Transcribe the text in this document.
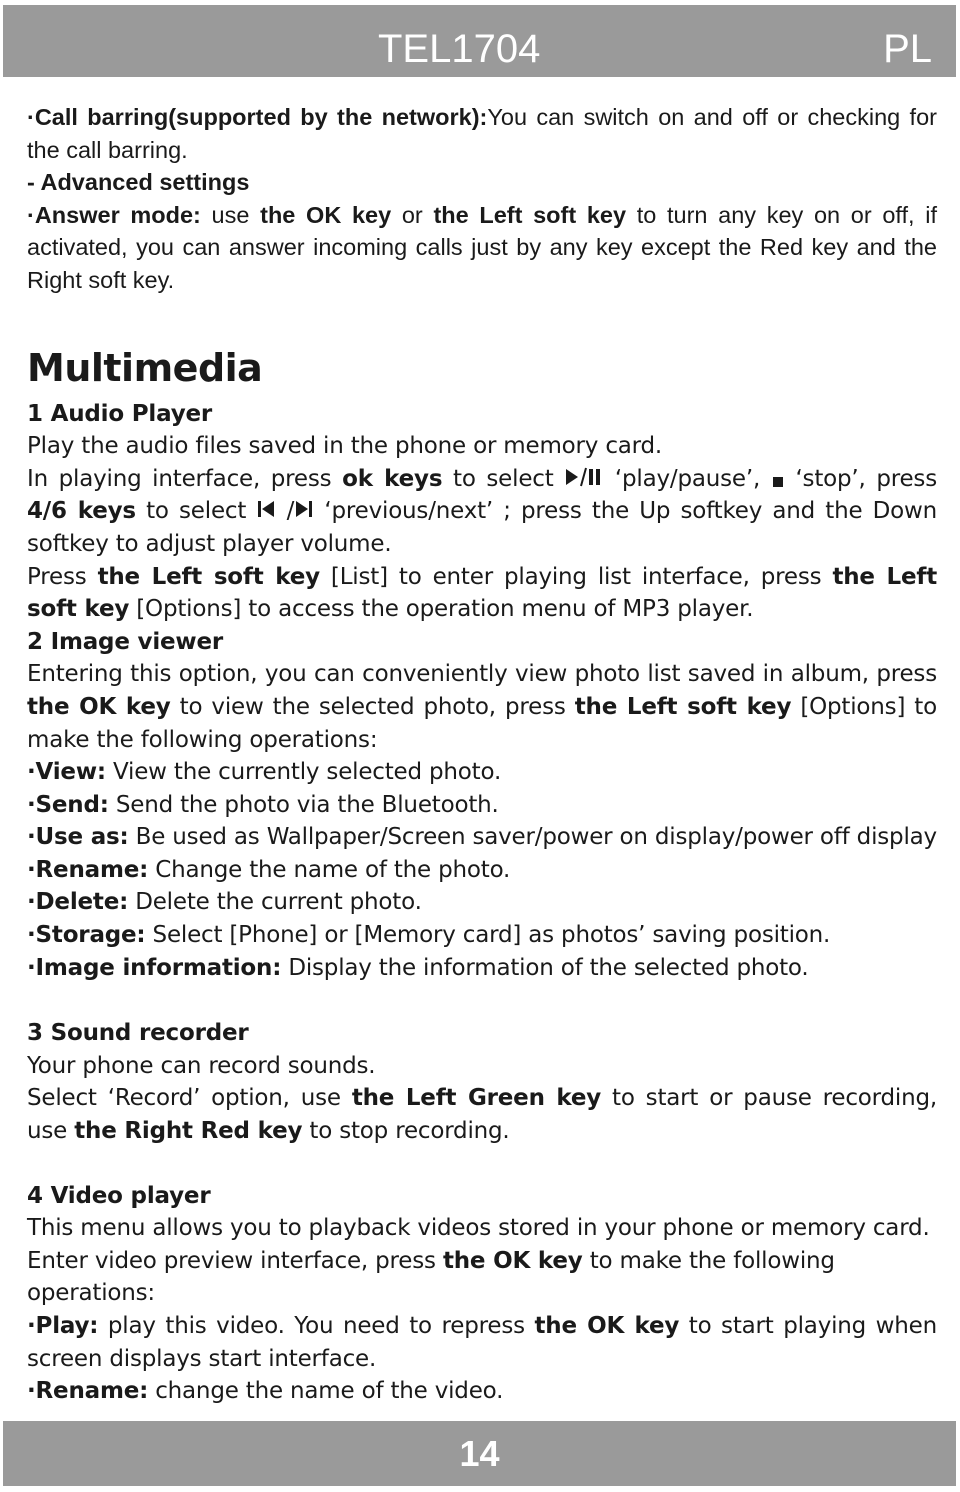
TEL1704	PL

·Call barring(supported by the network):You can switch on and off or checking for the call barring.

- Advanced settings

·Answer mode: use the OK key or the Left soft key to turn any key on or off, if activated, you can answer incoming calls just by any key except the Red key and the Right soft key.

Multimedia

1 Audio Player

Play the audio files saved in the phone or memory card.

In playing interface, press ok keys to select  ‘play/pause’,  ‘stop’, press 4/6 keys to select  / ‘previous/next’ ; press the Up softkey and the Down softkey to adjust player volume.

Press the Left soft key [List] to enter playing list interface, press the Left soft key [Options] to access the operation menu of MP3 player.

2 Image viewer

Entering this option, you can conveniently view photo list saved in album, press the OK key to view the selected photo, press the Left soft key [Options] to make the following operations:

·View: View the currently selected photo.

·Send: Send the photo via the Bluetooth.

·Use as: Be used as Wallpaper/Screen saver/power on display/power off display

·Rename: Change the name of the photo.

·Delete: Delete the current photo.

·Storage: Select [Phone] or [Memory card] as photos’ saving position.

·Image information: Display the information of the selected photo.

3 Sound recorder

Your phone can record sounds.

Select ‘Record’ option, use the Left Green key to start or pause recording, use the Right Red key to stop recording.

4 Video player

This menu allows you to playback videos stored in your phone or memory card.

Enter video preview interface, press the OK key to make the following operations:

·Play: play this video. You need to repress the OK key to start playing when screen displays start interface.

·Rename: change the name of the video.

14
